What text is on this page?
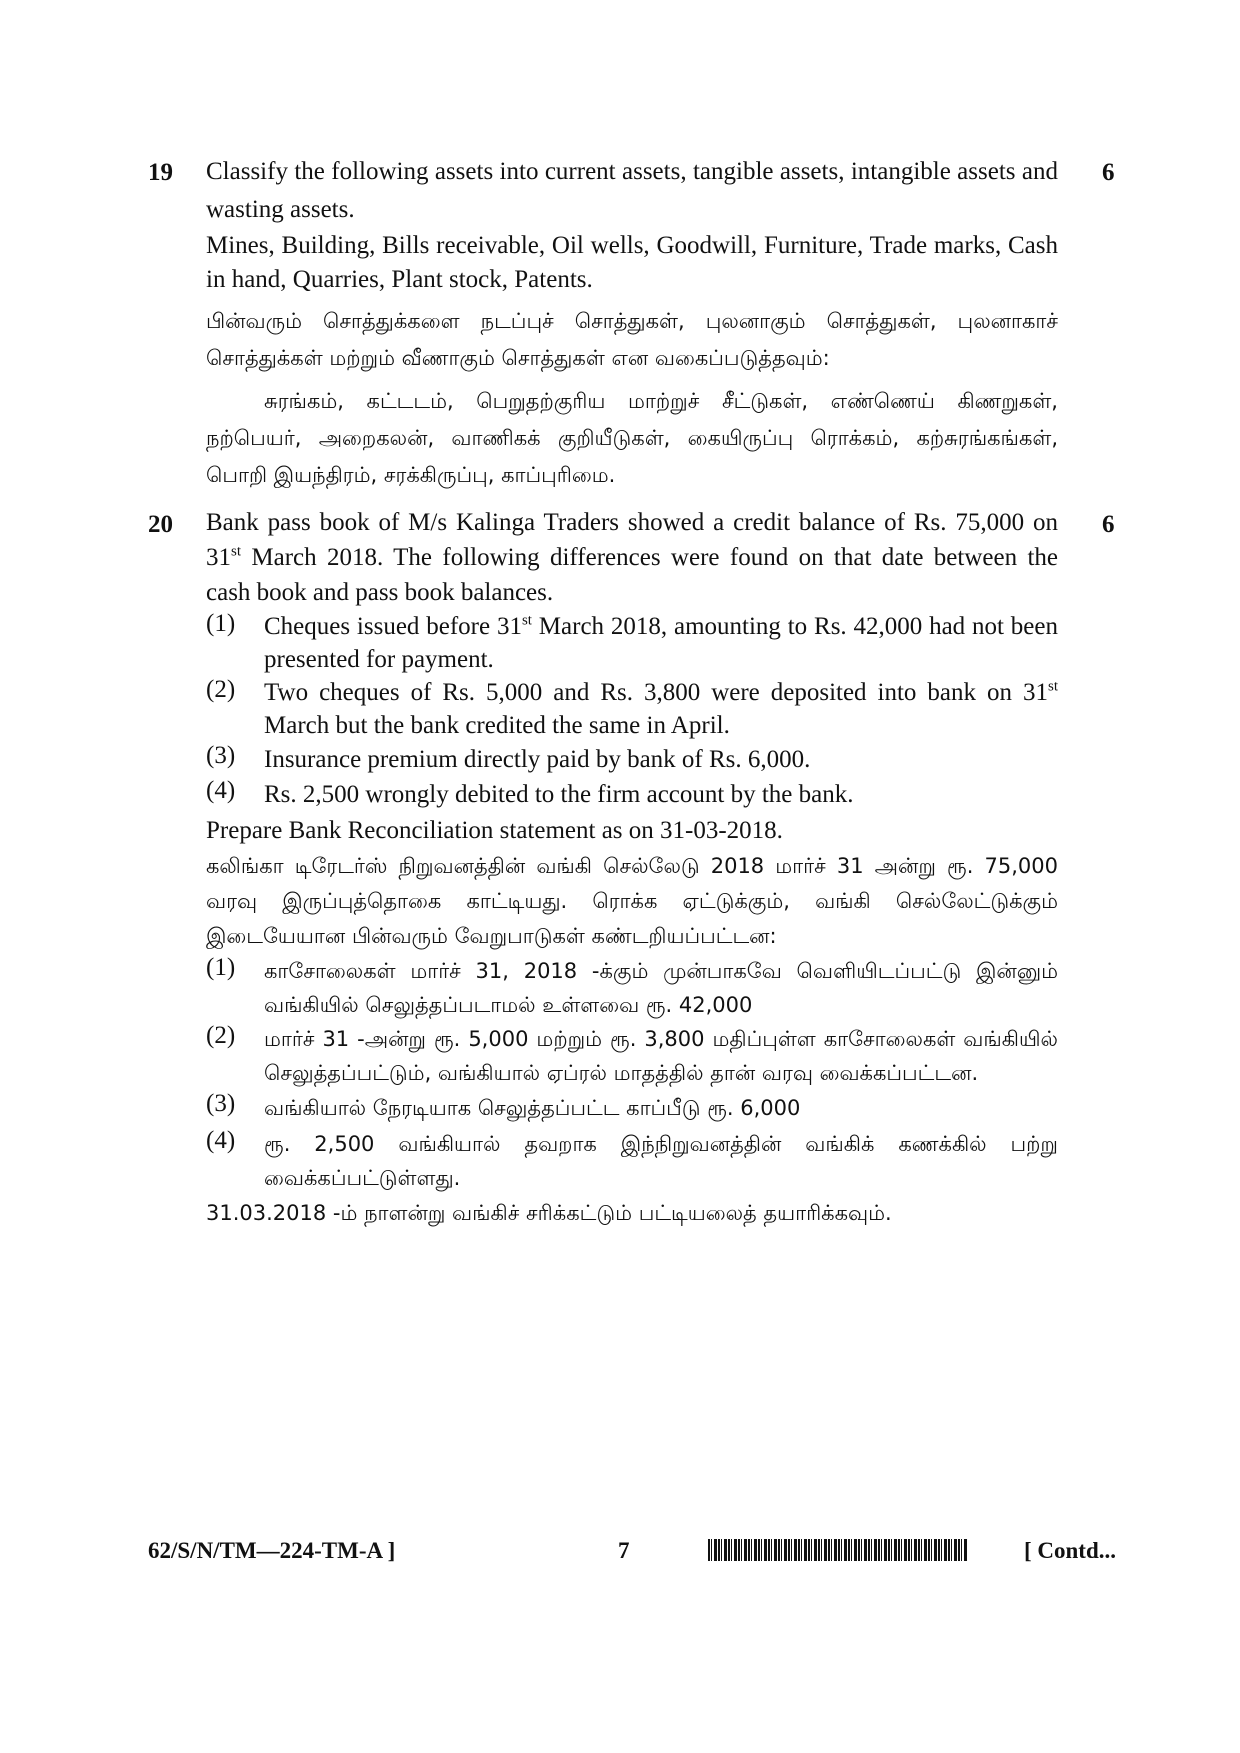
19	6

Classify the following assets into current assets, tangible assets, intangible assets and wasting assets.

Mines, Building, Bills receivable, Oil wells, Goodwill, Furniture, Trade marks, Cash in hand, Quarries, Plant stock, Patents.

பின்வரும் சொத்துக்களை நடப்புச் சொத்துகள், புலனாகும் சொத்துகள், புலனாகாச் சொத்துக்கள் மற்றும் வீணாகும் சொத்துகள் என வகைப்படுத்தவும்:

சுரங்கம், கட்டடம், பெறுதற்குரிய மாற்றுச் சீட்டுகள், எண்ணெய் கிணறுகள், நற்பெயர், அறைகலன், வாணிகக் குறியீடுகள், கையிருப்பு ரொக்கம், கற்சுரங்கங்கள், பொறி இயந்திரம், சரக்கிருப்பு, காப்புரிமை.

20	6

Bank pass book of M/s Kalinga Traders showed a credit balance of Rs. 75,000 on 31st March 2018. The following differences were found on that date between the cash book and pass book balances.

(1) Cheques issued before 31st March 2018, amounting to Rs. 42,000 had not been presented for payment.

(2) Two cheques of Rs. 5,000 and Rs. 3,800 were deposited into bank on 31st March but the bank credited the same in April.

(3) Insurance premium directly paid by bank of Rs. 6,000.

(4) Rs. 2,500 wrongly debited to the firm account by the bank.

Prepare Bank Reconciliation statement as on 31-03-2018.

கலிங்கா டிரேடர்ஸ் நிறுவனத்தின் வங்கி செல்லேடு 2018 மார்ச் 31 அன்று ரூ. 75,000 வரவு இருப்புத்தொகை காட்டியது. ரொக்க ஏட்டுக்கும், வங்கி செல்லேட்டுக்கும் இடையேயான பின்வரும் வேறுபாடுகள் கண்டறியப்பட்டன:

(1) காசோலைகள் மார்ச் 31, 2018 -க்கும் முன்பாகவே வெளியிடப்பட்டு இன்னும் வங்கியில் செலுத்தப்படாமல் உள்ளவை ரூ. 42,000

(2) மார்ச் 31 -அன்று ரூ. 5,000 மற்றும் ரூ. 3,800 மதிப்புள்ள காசோலைகள் வங்கியில் செலுத்தப்பட்டும், வங்கியால் ஏப்ரல் மாதத்தில் தான் வரவு வைக்கப்பட்டன.

(3) வங்கியால் நேரடியாக செலுத்தப்பட்ட காப்பீடு ரூ. 6,000

(4) ரூ. 2,500 வங்கியால் தவறாக இந்நிறுவனத்தின் வங்கிக் கணக்கில் பற்று வைக்கப்பட்டுள்ளது.

31.03.2018 -ம் நாளன்று வங்கிச் சரிக்கட்டும் பட்டியலைத் தயாரிக்கவும்.

62/S/N/TM—224-TM-A ]	7	[ Contd...
